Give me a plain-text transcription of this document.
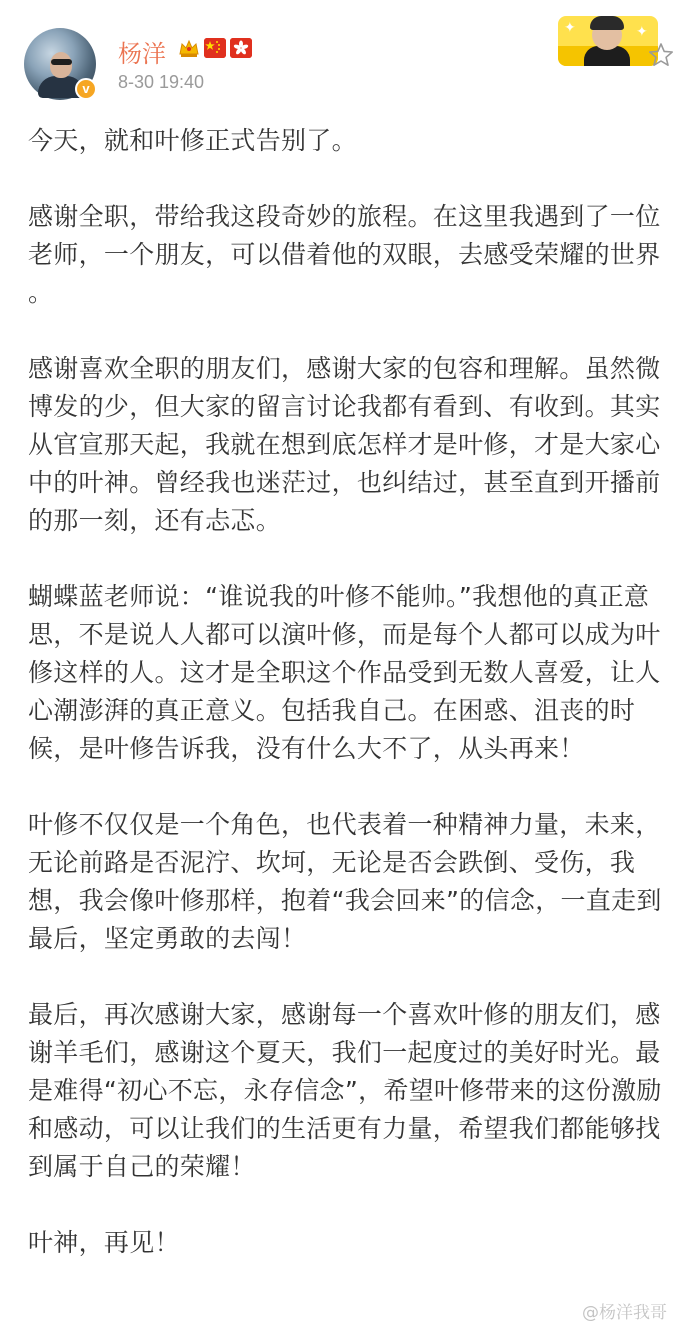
v
杨洋
8-30 19:40
✦	✦

今天，就和叶修正式告别了。

感谢全职，带给我这段奇妙的旅程。在这里我遇到了一位老师，一个朋友，可以借着他的双眼，去感受荣耀的世界 。

感谢喜欢全职的朋友们，感谢大家的包容和理解。虽然微博发的少，但大家的留言讨论我都有看到、有收到。其实从官宣那天起，我就在想到底怎样才是叶修，才是大家心中的叶神。曾经我也迷茫过，也纠结过，甚至直到开播前的那一刻，还有忐忑。

蝴蝶蓝老师说：“谁说我的叶修不能帅。”我想他的真正意思，不是说人人都可以演叶修，而是每个人都可以成为叶修这样的人。这才是全职这个作品受到无数人喜爱，让人心潮澎湃的真正意义。包括我自己。在困惑、沮丧的时候，是叶修告诉我，没有什么大不了，从头再来！

叶修不仅仅是一个角色，也代表着一种精神力量，未来，无论前路是否泥泞、坎坷，无论是否会跌倒、受伤，我想，我会像叶修那样，抱着“我会回来”的信念，一直走到最后，坚定勇敢的去闯！

最后，再次感谢大家，感谢每一个喜欢叶修的朋友们，感谢羊毛们，感谢这个夏天，我们一起度过的美好时光。最是难得“初心不忘，永存信念”，希望叶修带来的这份激励和感动，可以让我们的生活更有力量，希望我们都能够找到属于自己的荣耀！

叶神，再见！

@杨洋我哥
